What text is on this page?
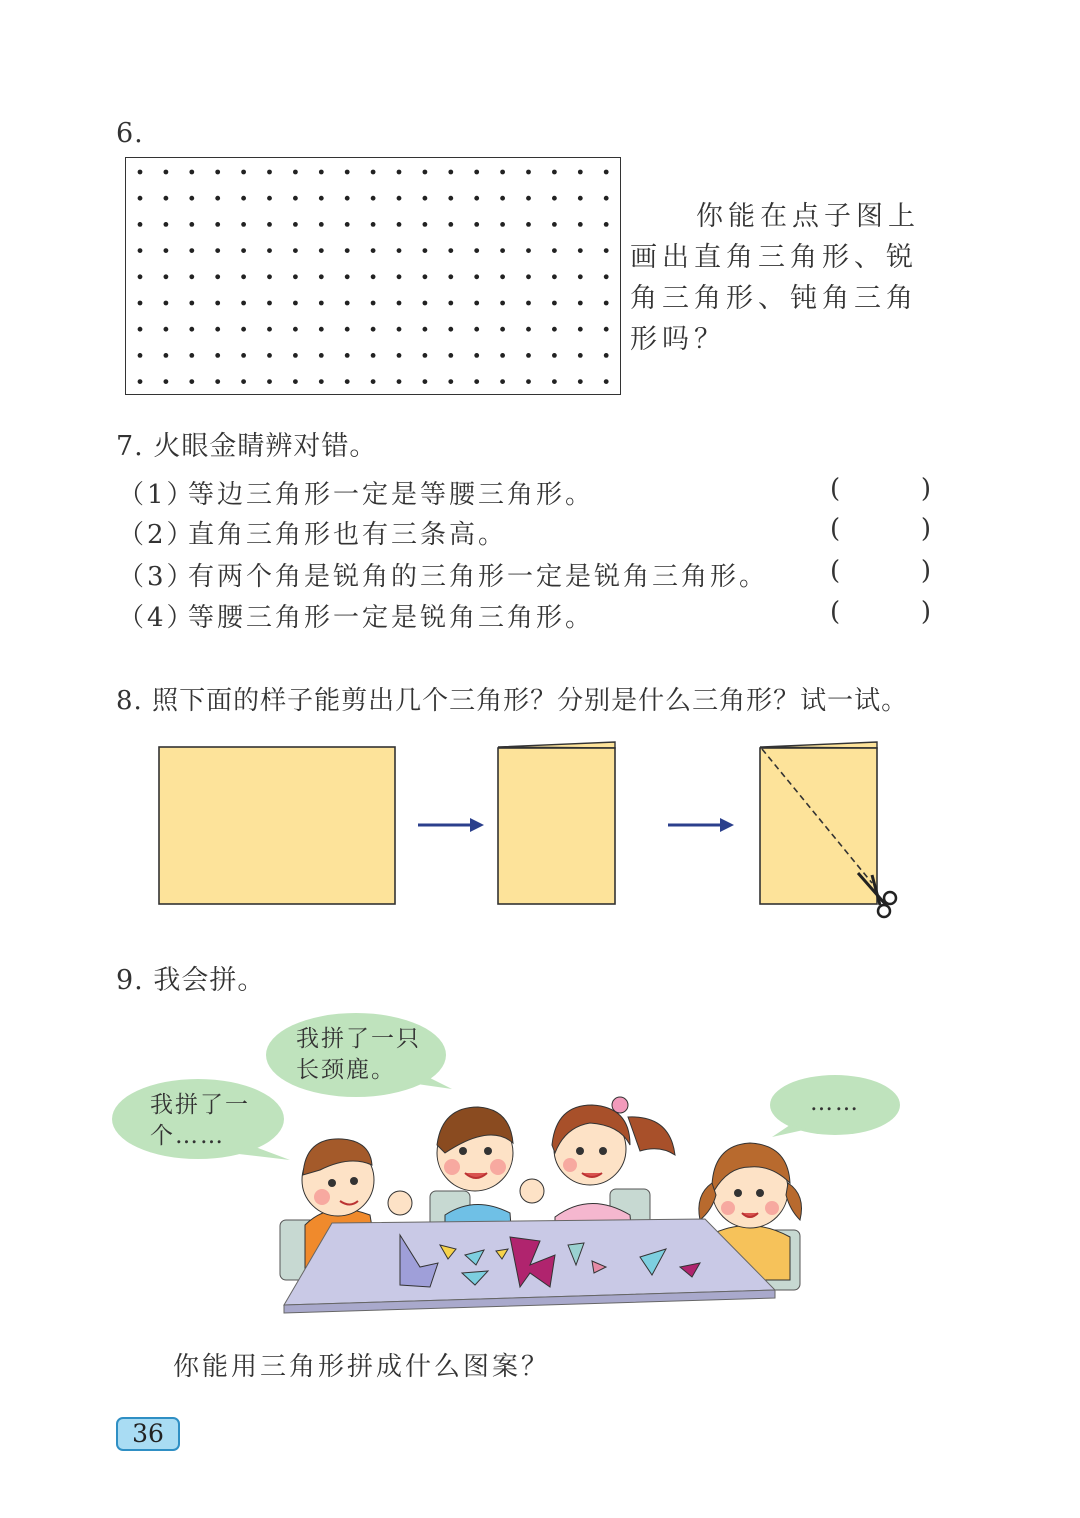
6.
你能在点子图上
画出直角三角形、锐
角三角形、钝角三角
形吗？
7. 火眼金睛辨对错。
（1）等边三角形一定是等腰三角形。	(	)
（2）直角三角形也有三条高。	(	)
（3）有两个角是锐角的三角形一定是锐角三角形。 (	)
（4）等腰三角形一定是锐角三角形。	(	)
8. 照下面的样子能剪出几个三角形？分别是什么三角形？试一试。
9. 我会拼。
我拼了一
个……
我拼了一只
长颈鹿。
……
你能用三角形拼成什么图案？
36
